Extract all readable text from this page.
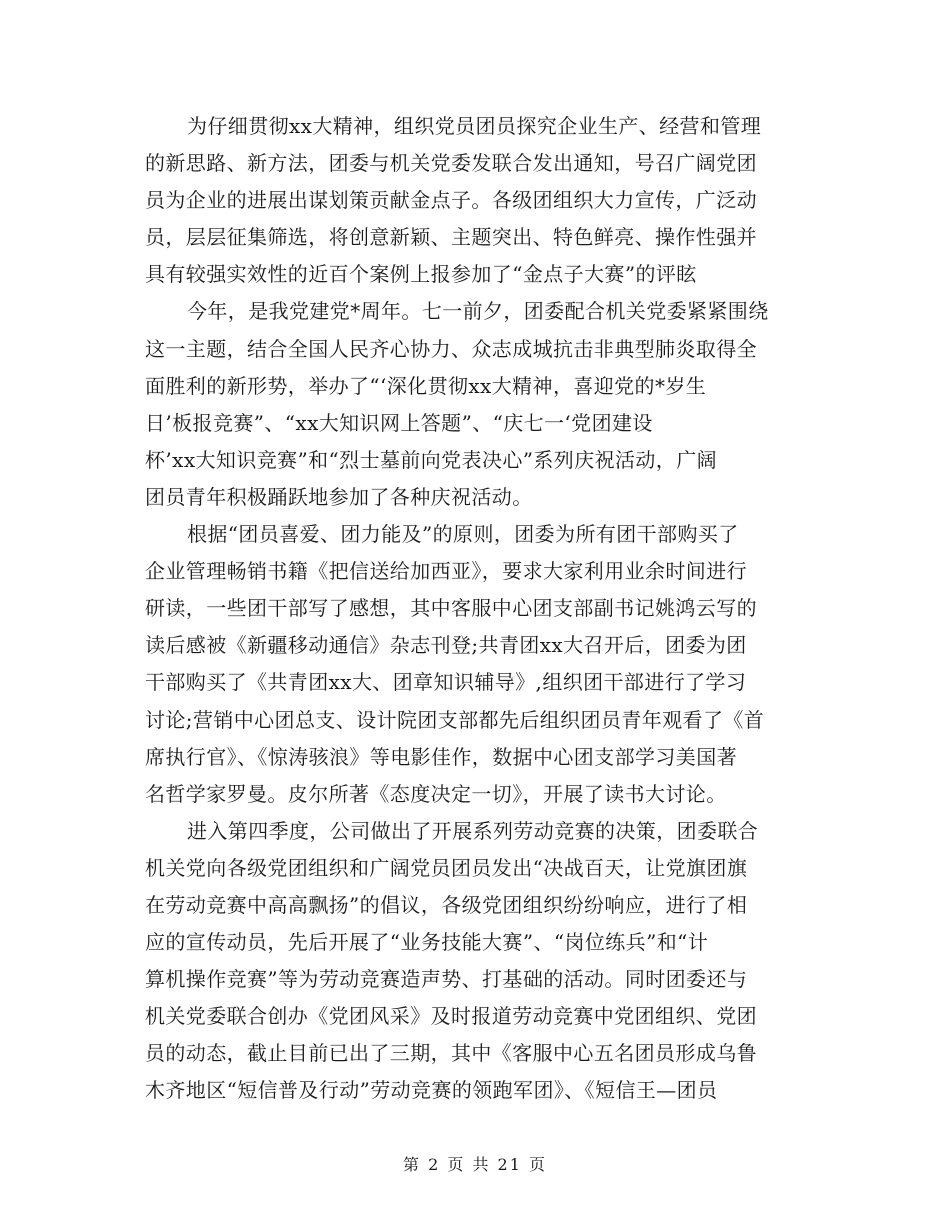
为仔细贯彻xx大精神，组织党员团员探究企业生产、经营和管理
的新思路、新方法，团委与机关党委发联合发出通知，号召广阔党团
员为企业的进展出谋划策贡献金点子。各级团组织大力宣传，广泛动
员，层层征集筛选，将创意新颖、主题突出、特色鲜亮、操作性强并
具有较强实效性的近百个案例上报参加了“金点子大赛”的评眩
今年，是我党建党*周年。七一前夕，团委配合机关党委紧紧围绕
这一主题，结合全国人民齐心协力、众志成城抗击非典型肺炎取得全
面胜利的新形势，举办了“‘深化贯彻xx大精神，喜迎党的*岁生
日’板报竞赛”、“xx大知识网上答题”、“庆七一‘党团建设
杯’xx大知识竞赛”和“烈士墓前向党表决心”系列庆祝活动，广阔
团员青年积极踊跃地参加了各种庆祝活动。
根据“团员喜爱、团力能及”的原则，团委为所有团干部购买了
企业管理畅销书籍《把信送给加西亚》，要求大家利用业余时间进行
研读，一些团干部写了感想，其中客服中心团支部副书记姚鸿云写的
读后感被《新疆移动通信》杂志刊登;共青团xx大召开后，团委为团
干部购买了《共青团xx大、团章知识辅导》,组织团干部进行了学习
讨论;营销中心团总支、设计院团支部都先后组织团员青年观看了《首
席执行官》、《惊涛骇浪》等电影佳作，数据中心团支部学习美国著
名哲学家罗曼。皮尔所著《态度决定一切》，开展了读书大讨论。
进入第四季度，公司做出了开展系列劳动竞赛的决策，团委联合
机关党向各级党团组织和广阔党员团员发出“决战百天，让党旗团旗
在劳动竞赛中高高飘扬”的倡议，各级党团组织纷纷响应，进行了相
应的宣传动员，先后开展了“业务技能大赛”、“岗位练兵”和“计
算机操作竞赛”等为劳动竞赛造声势、打基础的活动。同时团委还与
机关党委联合创办《党团风采》及时报道劳动竞赛中党团组织、党团
员的动态，截止目前已出了三期，其中《客服中心五名团员形成乌鲁
木齐地区“短信普及行动”劳动竞赛的领跑军团》、《短信王—团员
第 2 页 共 21 页
